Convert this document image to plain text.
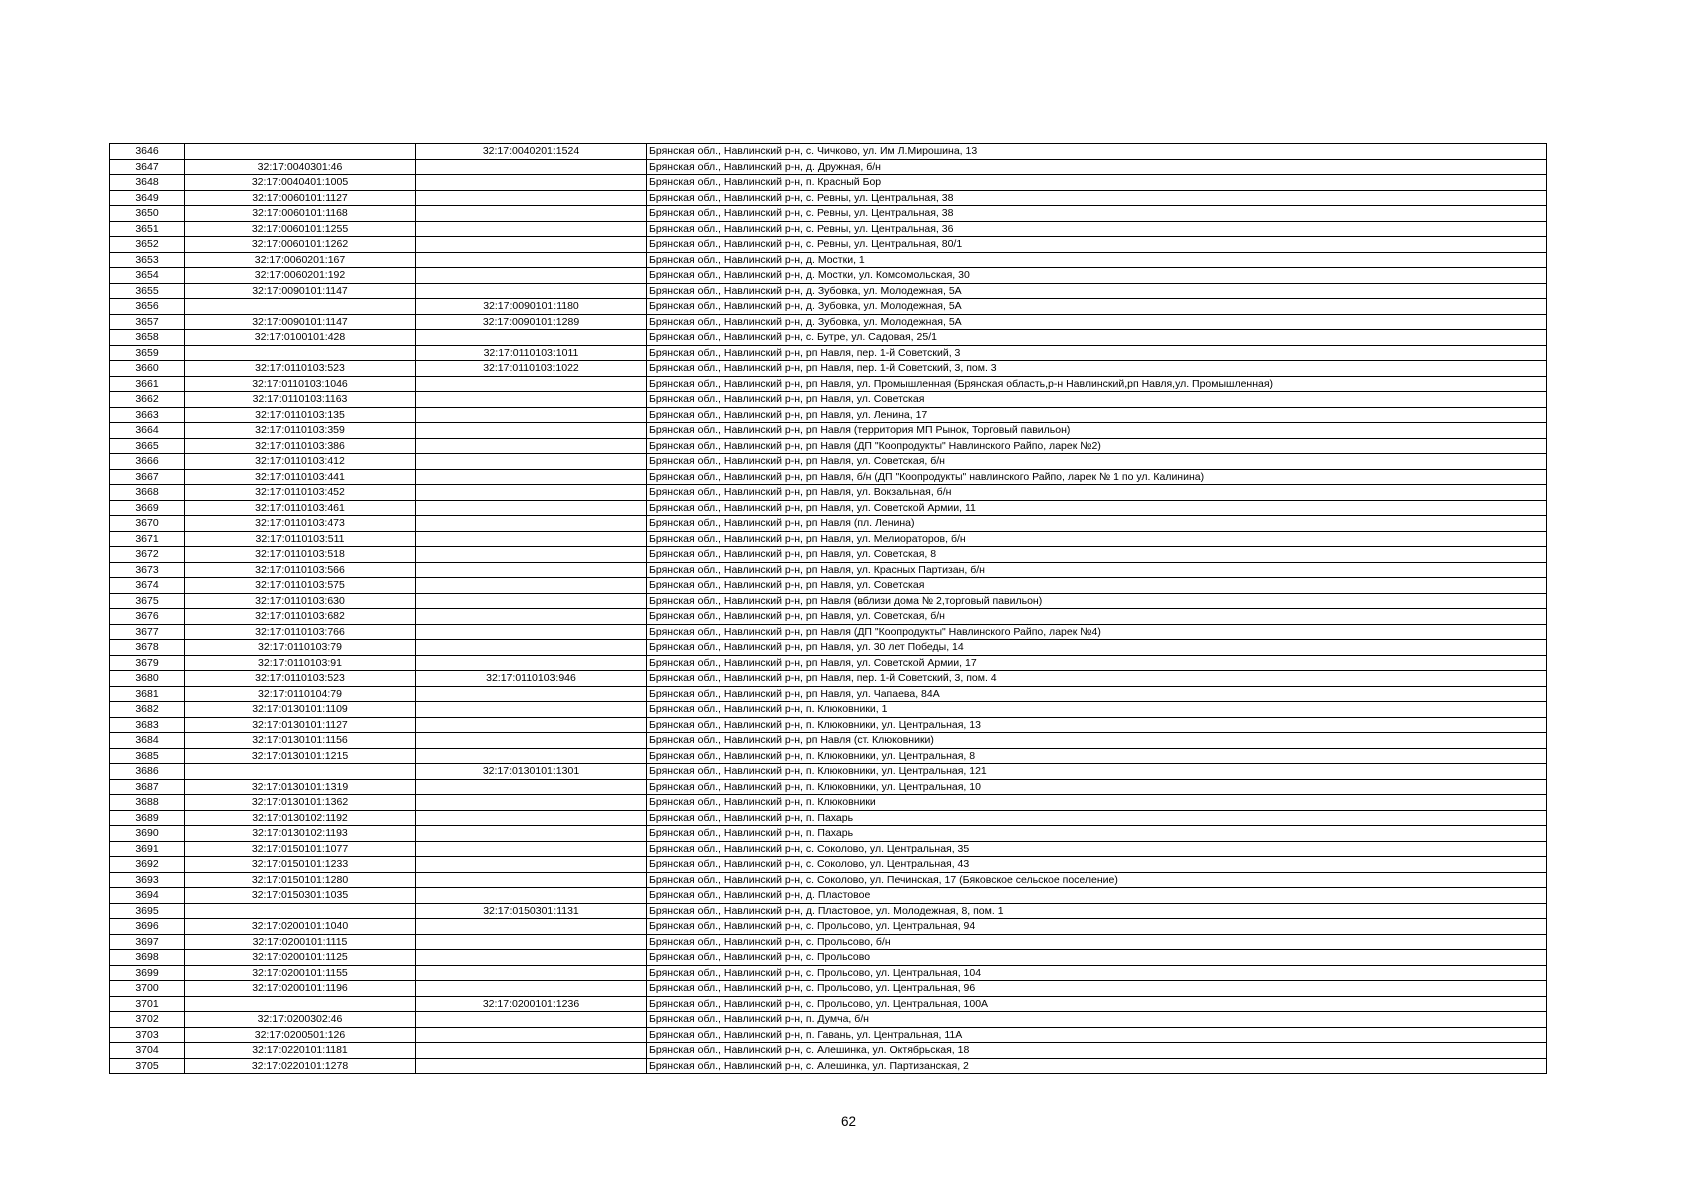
3646		32:17:0040201:1524	Брянская обл., Навлинский р-н, с. Чичково, ул. Им Л.Мирошина, 13
3647	32:17:0040301:46		Брянская обл., Навлинский р-н, д. Дружная, б/н
3648	32:17:0040401:1005		Брянская обл., Навлинский р-н, п. Красный Бор
3649	32:17:0060101:1127		Брянская обл., Навлинский р-н, с. Ревны, ул. Центральная, 38
3650	32:17:0060101:1168		Брянская обл., Навлинский р-н, с. Ревны, ул. Центральная, 38
3651	32:17:0060101:1255		Брянская обл., Навлинский р-н, с. Ревны, ул. Центральная, 36
3652	32:17:0060101:1262		Брянская обл., Навлинский р-н, с. Ревны, ул. Центральная, 80/1
3653	32:17:0060201:167		Брянская обл., Навлинский р-н, д. Мостки, 1
3654	32:17:0060201:192		Брянская обл., Навлинский р-н, д. Мостки, ул. Комсомольская, 30
3655	32:17:0090101:1147		Брянская обл., Навлинский р-н, д. Зубовка, ул. Молодежная, 5А
3656		32:17:0090101:1180	Брянская обл., Навлинский р-н, д. Зубовка, ул. Молодежная, 5А
3657	32:17:0090101:1147	32:17:0090101:1289	Брянская обл., Навлинский р-н, д. Зубовка, ул. Молодежная, 5А
3658	32:17:0100101:428		Брянская обл., Навлинский р-н, с. Бутре, ул. Садовая, 25/1
3659		32:17:0110103:1011	Брянская обл., Навлинский р-н, рп Навля, пер. 1-й Советский, 3
3660	32:17:0110103:523	32:17:0110103:1022	Брянская обл., Навлинский р-н, рп Навля, пер. 1-й Советский, 3, пом. 3
3661	32:17:0110103:1046		Брянская обл., Навлинский р-н, рп Навля, ул. Промышленная (Брянская область,р-н Навлинский,рп Навля,ул. Промышленная)
3662	32:17:0110103:1163		Брянская обл., Навлинский р-н, рп Навля, ул. Советская
3663	32:17:0110103:135		Брянская обл., Навлинский р-н, рп Навля, ул. Ленина, 17
3664	32:17:0110103:359		Брянская обл., Навлинский р-н, рп Навля (территория МП Рынок, Торговый павильон)
3665	32:17:0110103:386		Брянская обл., Навлинский р-н, рп Навля (ДП "Коопродукты" Навлинского Райпо, ларек №2)
3666	32:17:0110103:412		Брянская обл., Навлинский р-н, рп Навля, ул. Советская, б/н
3667	32:17:0110103:441		Брянская обл., Навлинский р-н, рп Навля, б/н (ДП "Коопродукты" навлинского Райпо, ларек № 1 по ул. Калинина)
3668	32:17:0110103:452		Брянская обл., Навлинский р-н, рп Навля, ул. Вокзальная, б/н
3669	32:17:0110103:461		Брянская обл., Навлинский р-н, рп Навля, ул. Советской Армии, 11
3670	32:17:0110103:473		Брянская обл., Навлинский р-н, рп Навля (пл. Ленина)
3671	32:17:0110103:511		Брянская обл., Навлинский р-н, рп Навля, ул. Мелиораторов, б/н
3672	32:17:0110103:518		Брянская обл., Навлинский р-н, рп Навля, ул. Советская, 8
3673	32:17:0110103:566		Брянская обл., Навлинский р-н, рп Навля, ул. Красных Партизан, б/н
3674	32:17:0110103:575		Брянская обл., Навлинский р-н, рп Навля, ул. Советская
3675	32:17:0110103:630		Брянская обл., Навлинский р-н, рп Навля (вблизи дома № 2,торговый павильон)
3676	32:17:0110103:682		Брянская обл., Навлинский р-н, рп Навля, ул. Советская, б/н
3677	32:17:0110103:766		Брянская обл., Навлинский р-н, рп Навля (ДП "Коопродукты" Навлинского Райпо, ларек №4)
3678	32:17:0110103:79		Брянская обл., Навлинский р-н, рп Навля, ул. 30 лет Победы, 14
3679	32:17:0110103:91		Брянская обл., Навлинский р-н, рп Навля, ул. Советской Армии, 17
3680	32:17:0110103:523	32:17:0110103:946	Брянская обл., Навлинский р-н, рп Навля, пер. 1-й Советский, 3, пом. 4
3681	32:17:0110104:79		Брянская обл., Навлинский р-н, рп Навля, ул. Чапаева, 84А
3682	32:17:0130101:1109		Брянская обл., Навлинский р-н, п. Клюковники, 1
3683	32:17:0130101:1127		Брянская обл., Навлинский р-н, п. Клюковники, ул. Центральная, 13
3684	32:17:0130101:1156		Брянская обл., Навлинский р-н, рп Навля (ст. Клюковники)
3685	32:17:0130101:1215		Брянская обл., Навлинский р-н, п. Клюковники, ул. Центральная, 8
3686		32:17:0130101:1301	Брянская обл., Навлинский р-н, п. Клюковники, ул. Центральная, 121
3687	32:17:0130101:1319		Брянская обл., Навлинский р-н, п. Клюковники, ул. Центральная, 10
3688	32:17:0130101:1362		Брянская обл., Навлинский р-н, п. Клюковники
3689	32:17:0130102:1192		Брянская обл., Навлинский р-н, п. Пахарь
3690	32:17:0130102:1193		Брянская обл., Навлинский р-н, п. Пахарь
3691	32:17:0150101:1077		Брянская обл., Навлинский р-н, с. Соколово, ул. Центральная, 35
3692	32:17:0150101:1233		Брянская обл., Навлинский р-н, с. Соколово, ул. Центральная, 43
3693	32:17:0150101:1280		Брянская обл., Навлинский р-н, с. Соколово, ул. Печинская, 17 (Бяковское сельское поселение)
3694	32:17:0150301:1035		Брянская обл., Навлинский р-н, д. Пластовое
3695		32:17:0150301:1131	Брянская обл., Навлинский р-н, д. Пластовое, ул. Молодежная, 8, пом. 1
3696	32:17:0200101:1040		Брянская обл., Навлинский р-н, с. Прольсово, ул. Центральная, 94
3697	32:17:0200101:1115		Брянская обл., Навлинский р-н, с. Прольсово, б/н
3698	32:17:0200101:1125		Брянская обл., Навлинский р-н, с. Прольсово
3699	32:17:0200101:1155		Брянская обл., Навлинский р-н, с. Прольсово, ул. Центральная, 104
3700	32:17:0200101:1196		Брянская обл., Навлинский р-н, с. Прольсово, ул. Центральная, 96
3701		32:17:0200101:1236	Брянская обл., Навлинский р-н, с. Прольсово, ул. Центральная, 100А
3702	32:17:0200302:46		Брянская обл., Навлинский р-н, п. Думча, б/н
3703	32:17:0200501:126		Брянская обл., Навлинский р-н, п. Гавань, ул. Центральная, 11А
3704	32:17:0220101:1181		Брянская обл., Навлинский р-н, с. Алешинка, ул. Октябрьская, 18
3705	32:17:0220101:1278		Брянская обл., Навлинский р-н, с. Алешинка, ул. Партизанская, 2
62
